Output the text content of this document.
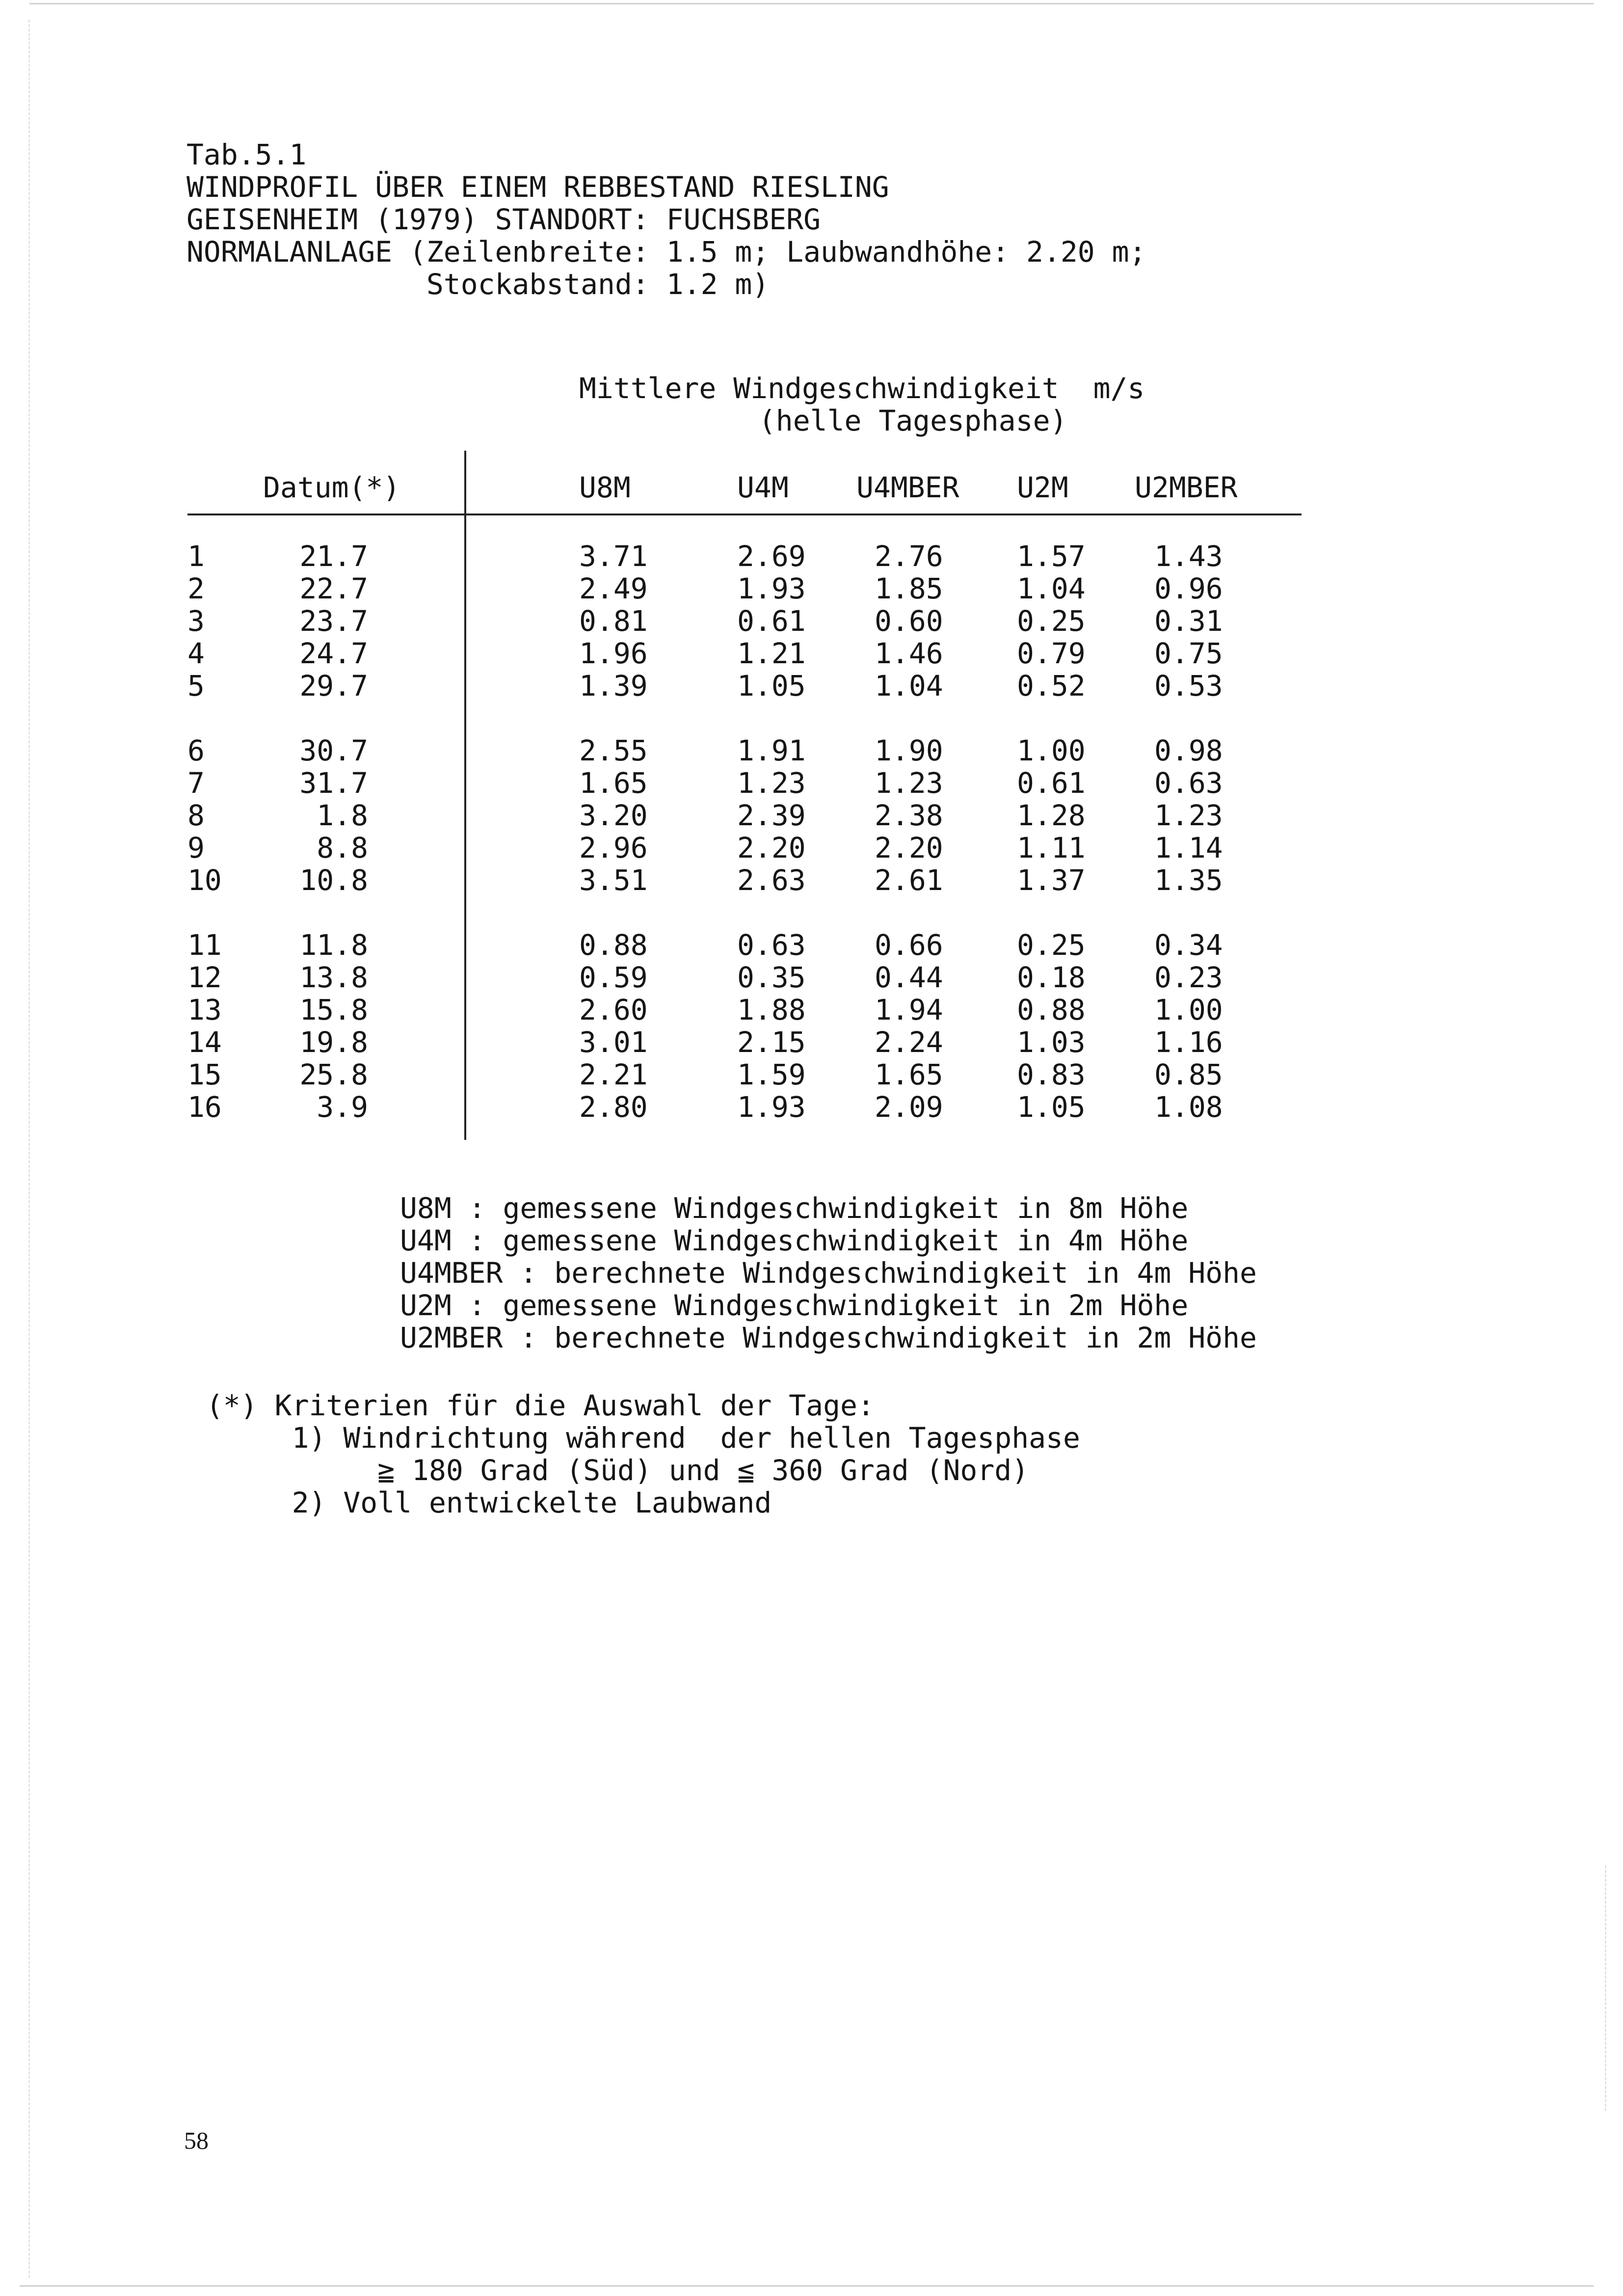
Tab.5.1
WINDPROFIL ÜBER EINEM REBBESTAND RIESLING
GEISENHEIM (1979) STANDORT: FUCHSBERG
NORMALANLAGE (Zeilenbreite: 1.5 m; Laubwandhöhe: 2.20 m;
Stockabstand: 1.2 m)
Mittlere Windgeschwindigkeit  m/s
(helle Tagesphase)
Datum(*)	U8M	U4M U4MBER U2M U2MBER
1	21.7	3.71	2.69 2.76	1.57 1.43
2	22.7	2.49	1.93 1.85	1.04 0.96
3	23.7	0.81	0.61 0.60	0.25 0.31
4	24.7	1.96	1.21 1.46	0.79 0.75
5	29.7	1.39	1.05 1.04	0.52 0.53
6	30.7	2.55	1.91 1.90	1.00 0.98
7	31.7	1.65	1.23 1.23	0.61 0.63
8	1.8	3.20	2.39 2.38	1.28 1.23
9	8.8	2.96	2.20 2.20	1.11 1.14
10	10.8	3.51	2.63 2.61	1.37 1.35
11	11.8	0.88	0.63 0.66	0.25 0.34
12	13.8	0.59	0.35 0.44	0.18 0.23
13	15.8	2.60	1.88 1.94	0.88 1.00
14	19.8	3.01	2.15 2.24	1.03 1.16
15	25.8	2.21	1.59 1.65	0.83 0.85
16	3.9	2.80	1.93 2.09	1.05 1.08
U8M : gemessene Windgeschwindigkeit in 8m Höhe
U4M : gemessene Windgeschwindigkeit in 4m Höhe
U4MBER : berechnete Windgeschwindigkeit in 4m Höhe
U2M : gemessene Windgeschwindigkeit in 2m Höhe
U2MBER : berechnete Windgeschwindigkeit in 2m Höhe
(*) Kriterien für die Auswahl der Tage:
1) Windrichtung während  der hellen Tagesphase
≧ 180 Grad (Süd) und ≦ 360 Grad (Nord)
2) Voll entwickelte Laubwand
58
